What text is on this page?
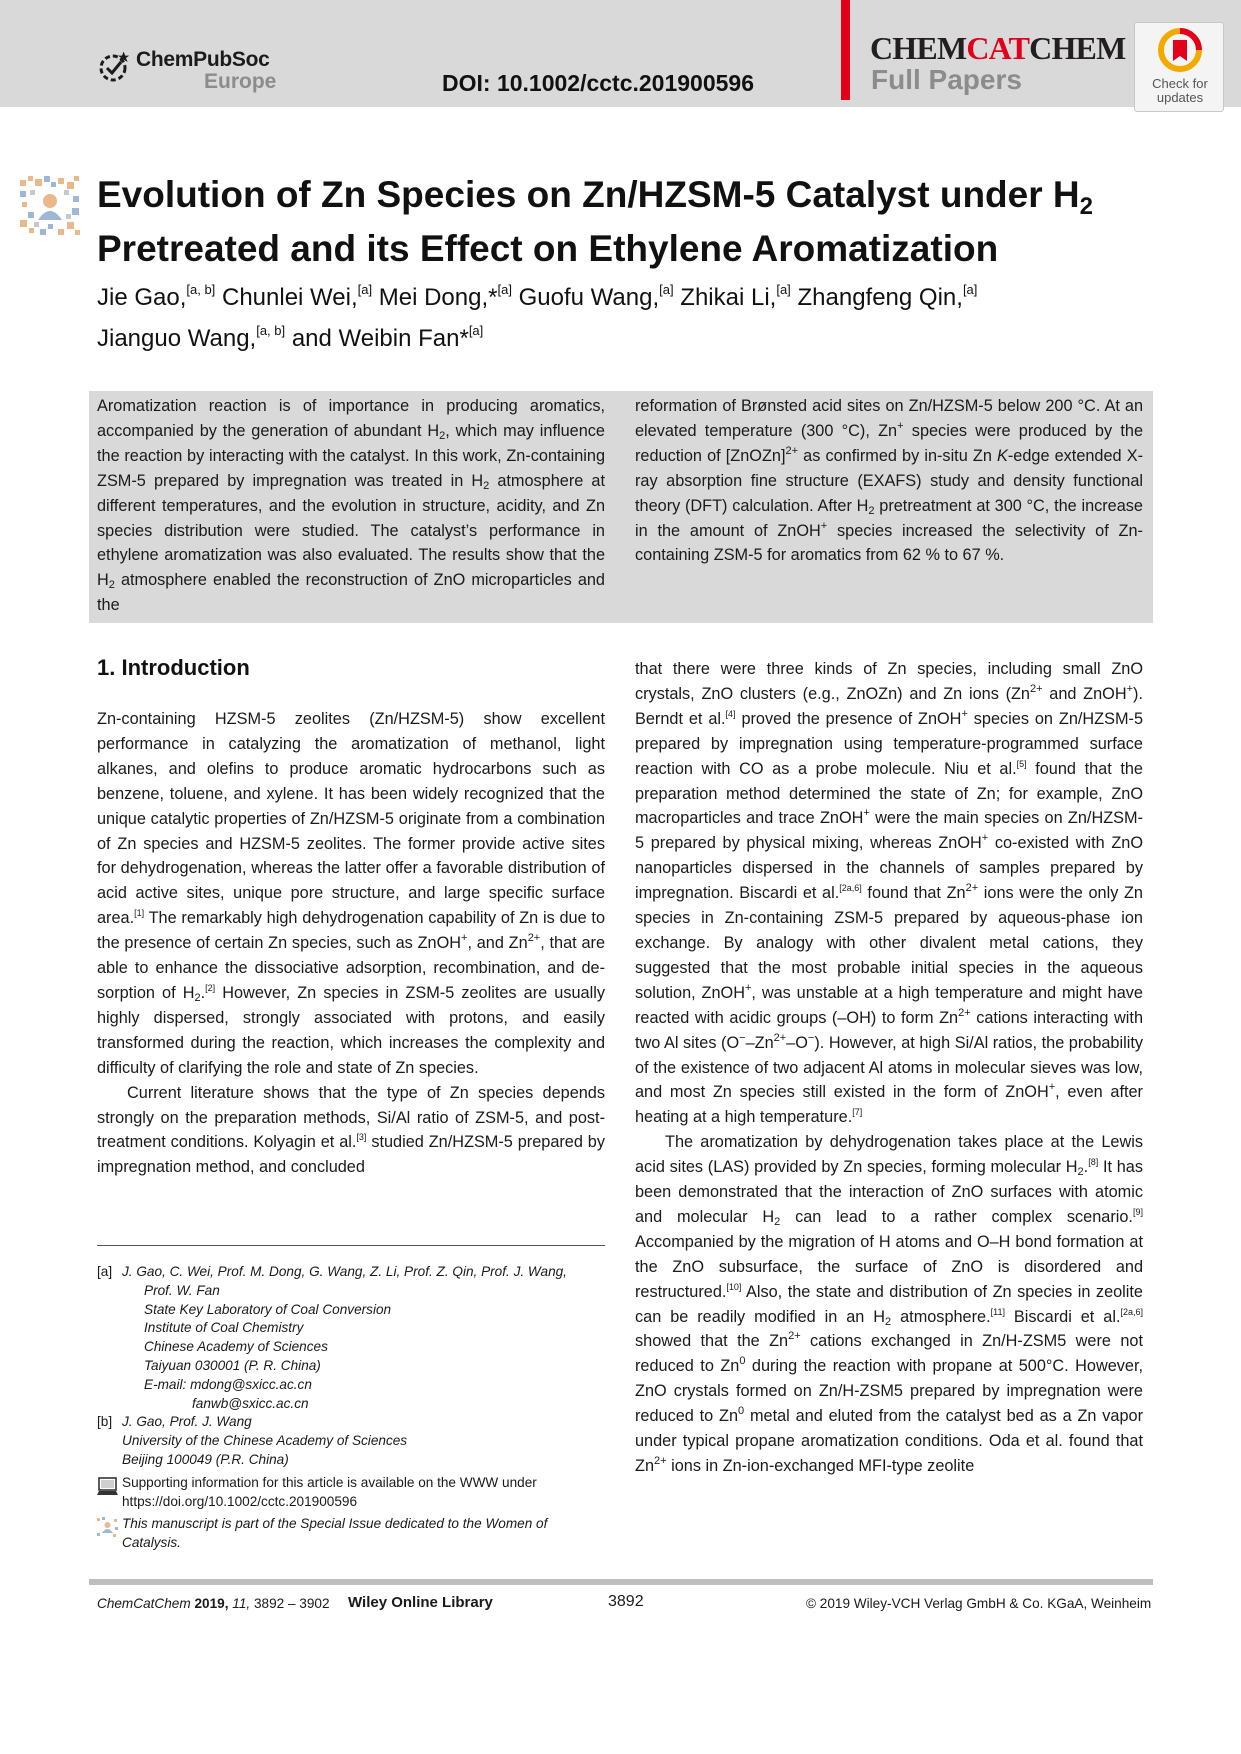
ChemPubSoc
Europe	DOI: 10.1002/cctc.201900596
CHEMCATCHEM
Full Papers	Check for
updates
Evolution of Zn Species on Zn/HZSM-5 Catalyst under $H_2$
Pretreated and its Effect on Ethylene Aromatization
Jie Gao,[a, b] Chunlei Wei,[a] Mei Dong,*[a] Guofu Wang,[a] Zhikai Li,[a] Zhangfeng Qin,[a]
Jianguo Wang,[a, b] and Weibin Fan*[a]
Aromatization reaction is of importance in producing aromatics, accompanied by the generation of abundant $H_2$, which may influence the reaction by interacting with the catalyst. In this work, Zn-containing ZSM-5 prepared by impregnation was treated in $H_2$ atmosphere at different temperatures, and the evolution in structure, acidity, and Zn species distribution were studied. The catalyst’s performance in ethylene aromatization was also evaluated. The results show that the $H_2$ atmosphere enabled the reconstruction of ZnO microparticles and the
reformation of Brønsted acid sites on Zn/HZSM-5 below 200 °C. At an elevated temperature (300 °C), Zn+ species were produced by the reduction of [ZnOZn]$^{2+}$ as confirmed by in-situ Zn K-edge extended X-ray absorption fine structure (EXAFS) study and density functional theory (DFT) calculation. After $H_2$ pretreatment at 300 °C, the increase in the amount of ZnOH+ species increased the selectivity of Zn-containing ZSM-5 for aromatics from 62 % to 67 %.
1. Introduction

Zn-containing HZSM-5 zeolites (Zn/HZSM-5) show excellent performance in catalyzing the aromatization of methanol, light alkanes, and olefins to produce aromatic hydrocarbons such as benzene, toluene, and xylene. It has been widely recognized that the unique catalytic properties of Zn/HZSM-5 originate from a combination of Zn species and HZSM-5 zeolites. The former provide active sites for dehydrogenation, whereas the latter offer a favorable distribution of acid active sites, unique pore structure, and large specific surface area.[1] The remarkably high dehydrogenation capability of Zn is due to the presence of certain Zn species, such as ZnOH+, and $Zn^{2+}$, that are able to enhance the dissociative adsorption, recombination, and de-sorption of $H_2.[2]$ However, Zn species in ZSM-5 zeolites are usually highly dispersed, strongly associated with protons, and easily transformed during the reaction, which increases the complexity and difficulty of clarifying the role and state of Zn species.

Current literature shows that the type of Zn species depends strongly on the preparation methods, Si/Al ratio of ZSM-5, and post-treatment conditions. Kolyagin et al.[3] studied Zn/HZSM-5 prepared by impregnation method, and concluded

[a] J. Gao, C. Wei, Prof. M. Dong, G. Wang, Z. Li, Prof. Z. Qin, Prof. J. Wang,
Prof. W. Fan
State Key Laboratory of Coal Conversion
Institute of Coal Chemistry
Chinese Academy of Sciences
Taiyuan 030001 (P. R. China)
E-mail: mdong@sxicc.ac.cn
fanwb@sxicc.ac.cn
[b] J. Gao, Prof. J. Wang
University of the Chinese Academy of Sciences
Beijing 100049 (P.R. China)
Supporting information for this article is available on the WWW under
https://doi.org/10.1002/cctc.201900596
This manuscript is part of the Special Issue dedicated to the Women of
Catalysis.

that there were three kinds of Zn species, including small ZnO crystals, ZnO clusters (e.g., ZnOZn) and Zn ions ($Zn^{2+}$ and ZnOH+). Berndt et al.[4] proved the presence of ZnOH+ species on Zn/HZSM-5 prepared by impregnation using temperature-programmed surface reaction with CO as a probe molecule. Niu et al.[5] found that the preparation method determined the state of Zn; for example, ZnO macroparticles and trace ZnOH+ were the main species on Zn/HZSM-5 prepared by physical mixing, whereas ZnOH+ co-existed with ZnO nanoparticles dispersed in the channels of samples prepared by impregnation. Biscardi et al.[2a,6] found that $Zn^{2+}$ ions were the only Zn species in Zn-containing ZSM-5 prepared by aqueous-phase ion exchange. By analogy with other divalent metal cations, they suggested that the most probable initial species in the aqueous solution, ZnOH+, was unstable at a high temperature and might have reacted with acidic groups (–OH) to form $Zn^{2+}$ cations interacting with two Al sites $(O^--Zn^{2+}-O^-)$. However, at high Si/Al ratios, the probability of the existence of two adjacent Al atoms in molecular sieves was low, and most Zn species still existed in the form of ZnOH+, even after heating at a high temperature.[7]

The aromatization by dehydrogenation takes place at the Lewis acid sites (LAS) provided by Zn species, forming molecular $H_2.[8]$ It has been demonstrated that the interaction of ZnO surfaces with atomic and molecular $H_2$ can lead to a rather complex scenario.[9] Accompanied by the migration of H atoms and O–H bond formation at the ZnO subsurface, the surface of ZnO is disordered and restructured.[10] Also, the state and distribution of Zn species in zeolite can be readily modified in an $H_2$ atmosphere.[11] Biscardi et al.[2a,6] showed that the $Zn^{2+}$ cations exchanged in Zn/H-ZSM5 were not reduced to Zn$^0$ during the reaction with propane at 500°C. However, ZnO crystals formed on Zn/H-ZSM5 prepared by impregnation were reduced to Zn$^0$ metal and eluted from the catalyst bed as a Zn vapor under typical propane aromatization conditions. Oda et al. found that $Zn^{2+}$ ions in Zn-ion-exchanged MFI-type zeolite

ChemCatChem 2019, 11, 3892 – 3902 Wiley Online Library	3892	© 2019 Wiley-VCH Verlag GmbH & Co. KGaA, Weinheim
